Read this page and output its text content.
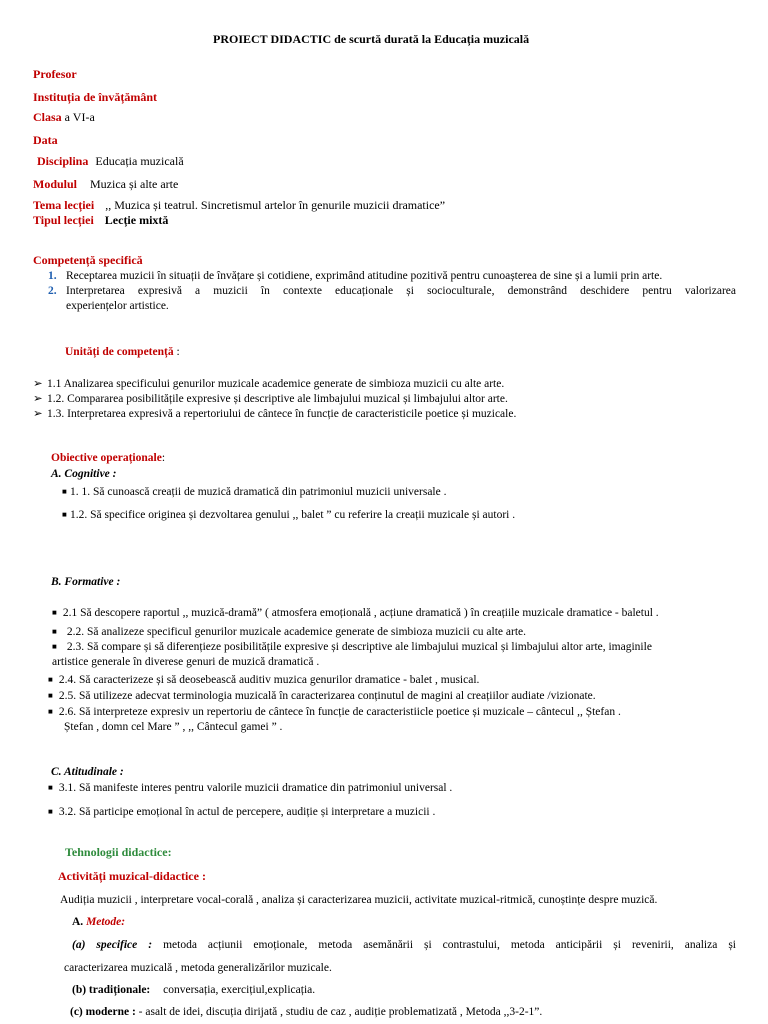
PROIECT DIDACTIC de scurtă durată la Educația muzicală
Profesor
Instituția de învățământ
Clasa a VI-a
Data
Disciplina Educația muzicală
Modulul Muzica și alte arte
Tema lecției ,, Muzica și teatrul. Sincretismul artelor în genurile muzicii dramatice”
Tipul lecției Lecție mixtă
Competență specifică
1. Receptarea muzicii în situații de învățare și cotidiene, exprimând atitudine pozitivă pentru cunoașterea de sine și a lumii prin arte.
2. Interpretarea expresivă a muzicii în contexte educaționale și socioculturale, demonstrând deschidere pentru valorizarea
experiențelor artistice.
Unități de competență :
➢ 1.1 Analizarea specificului genurilor muzicale academice generate de simbioza muzicii cu alte arte.
➢ 1.2. Compararea posibilitățile expresive și descriptive ale limbajului muzical și limbajului altor arte.
➢ 1.3. Interpretarea expresivă a repertoriului de cântece în funcție de caracteristicile poetice și muzicale.
Obiective operaționale:
A. Cognitive :
■ 1. 1. Să cunoască creații de muzică dramatică din patrimoniul muzicii universale .
■ 1.2. Să specifice originea și dezvoltarea genului ,, balet ” cu referire la creații muzicale și autori .
B. Formative :
■ 2.1 Să descopere raportul ,, muzică-dramă” ( atmosfera emoțională , acțiune dramatică ) în creațiile muzicale dramatice - baletul .
■ 2.2. Să analizeze specificul genurilor muzicale academice generate de simbioza muzicii cu alte arte.
■ 2.3. Să compare și să diferențieze posibilitățile expresive și descriptive ale limbajului muzical și limbajului altor arte, imaginile
artistice generale în diverese genuri de muzică dramatică .
■ 2.4. Să caracterizeze și să deosebească auditiv muzica genurilor dramatice - balet , musical.
■ 2.5. Să utilizeze adecvat terminologia muzicală în caracterizarea conținutul de magini al creațiilor audiate /vizionate.
■ 2.6. Să interpreteze expresiv un repertoriu de cântece în funcție de caracteristiicle poetice și muzicale – cântecul ,, Ștefan .
Ștefan , domn cel Mare ” , ,, Cântecul gamei ” .
C. Atitudinale :
■ 3.1. Să manifeste interes pentru valorile muzicii dramatice din patrimoniul universal .
■ 3.2. Să participe emoțional în actul de percepere, audiție și interpretare a muzicii .
Tehnologii didactice:
Activități muzical-didactice :
Audiția muzicii , interpretare vocal-corală , analiza și caracterizarea muzicii, activitate muzical-ritmică, cunoștințe despre muzică.
A. Metode:
(a) specifice : metoda acțiunii emoționale, metoda asemănării și contrastului, metoda anticipării și revenirii, analiza și
caracterizarea muzicală , metoda generalizărilor muzicale.
(b) tradiționale: conversația, exercițiul,explicația.
(c) moderne : - asalt de idei, discuția dirijată , studiu de caz , audiție problematizată , Metoda ,,3-2-1”.
